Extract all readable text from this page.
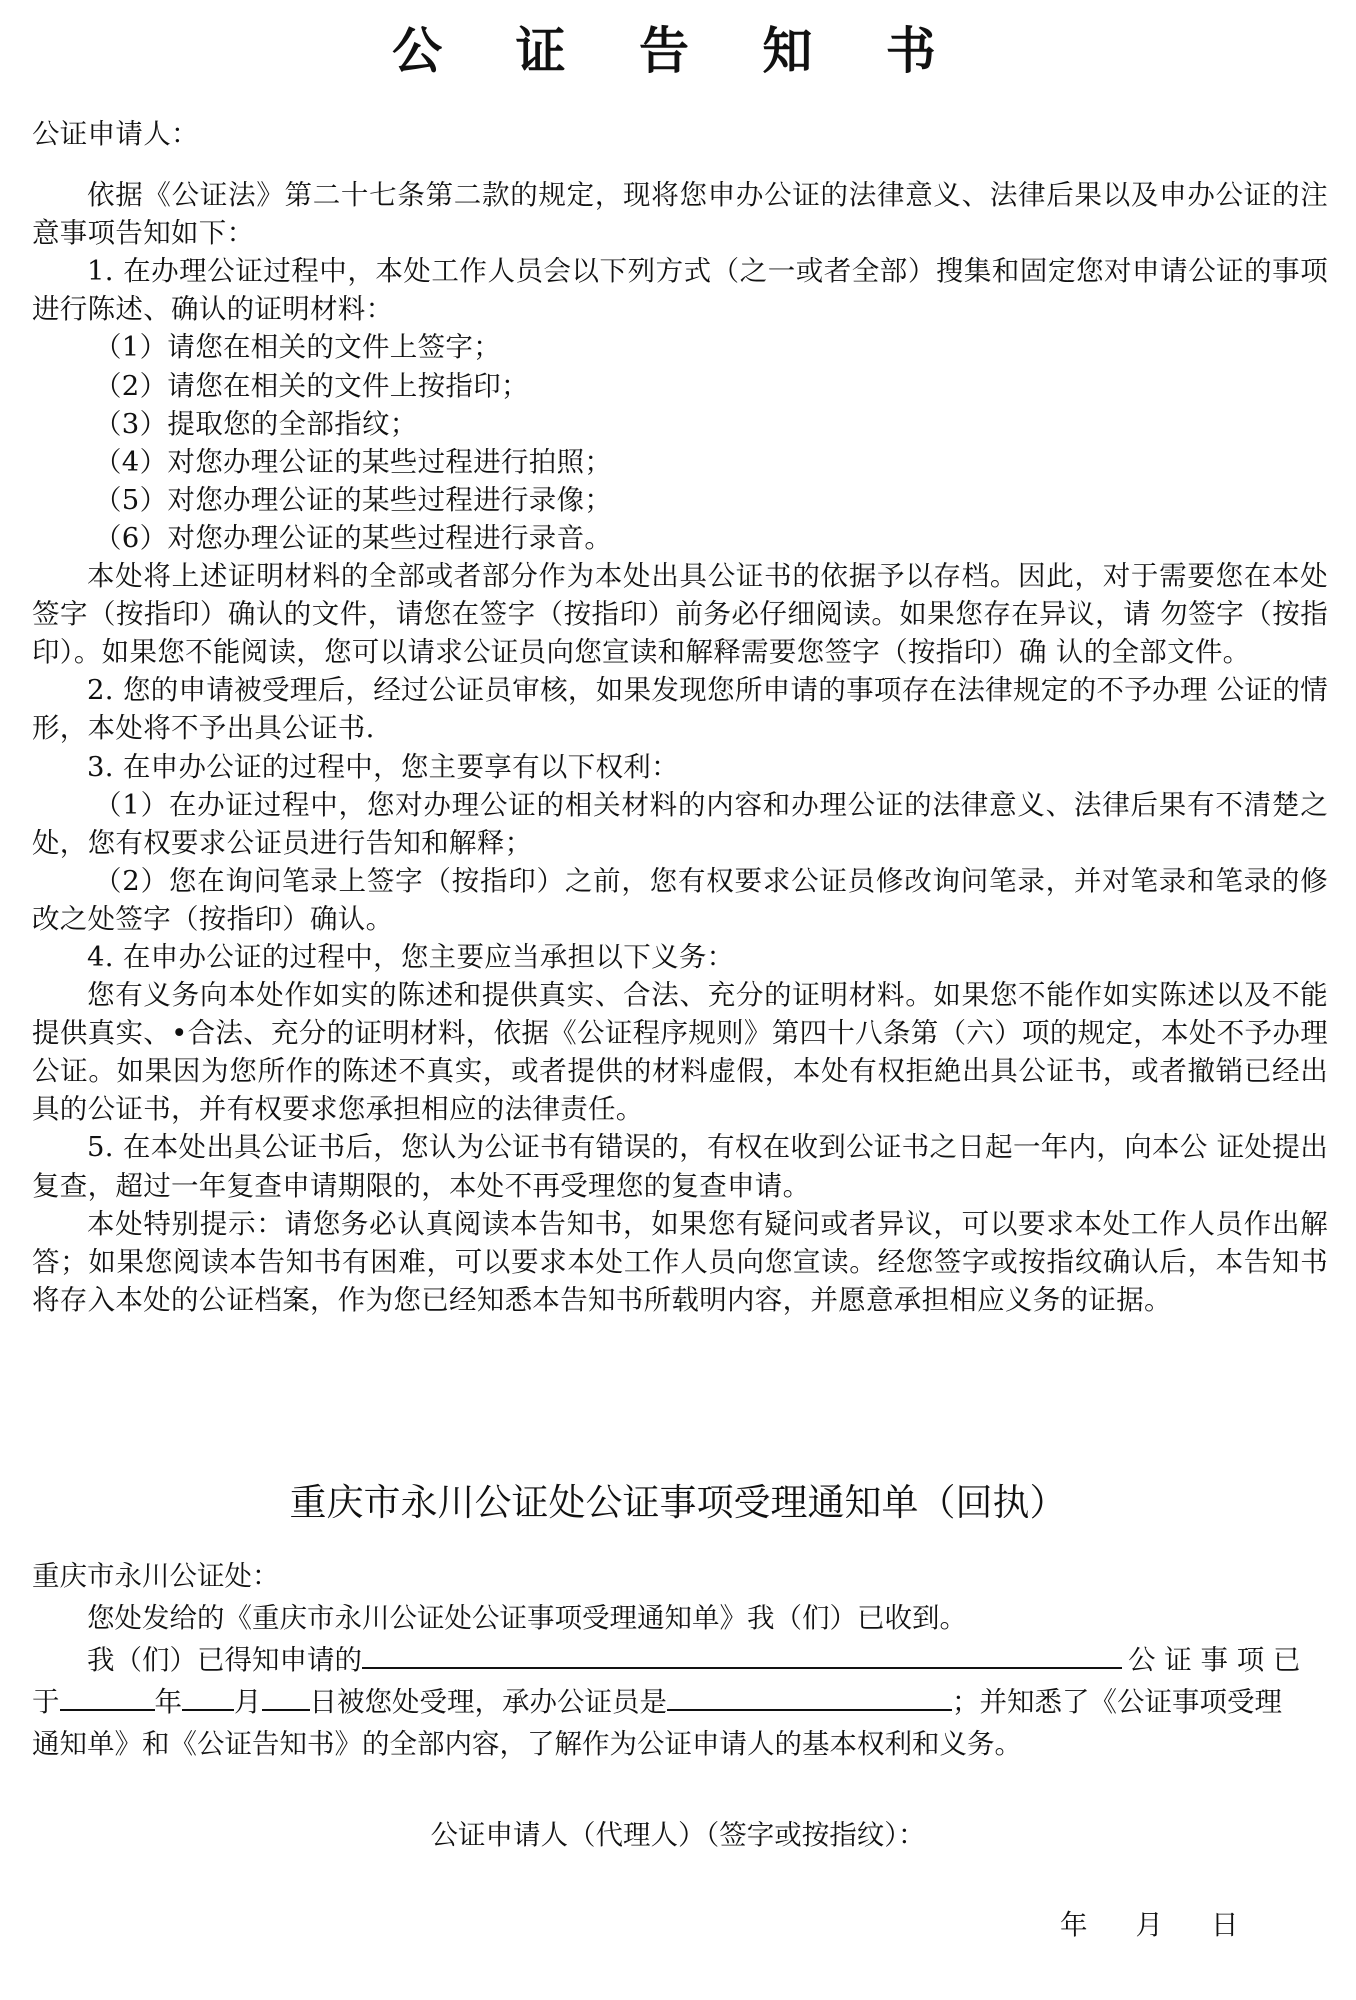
公 证 告 知 书

公证申请人：

依据《公证法》第二十七条第二款的规定，现将您申办公证的法律意义、法律后果以及申办公证的注意事项告知如下：

1. 在办理公证过程中，本处工作人员会以下列方式（之一或者全部）搜集和固定您对申请公证的事项进行陈述、确认的证明材料：

（1）请您在相关的文件上签字；

（2）请您在相关的文件上按指印；

（3）提取您的全部指纹；

（4）对您办理公证的某些过程进行拍照；

（5）对您办理公证的某些过程进行录像；

（6）对您办理公证的某些过程进行录音。

本处将上述证明材料的全部或者部分作为本处出具公证书的依据予以存档。因此，对于需要您在本处签字（按指印）确认的文件，请您在签字（按指印）前务必仔细阅读。如果您存在异议，请 勿签字（按指印）。如果您不能阅读，您可以请求公证员向您宣读和解释需要您签字（按指印）确 认的全部文件。

2. 您的申请被受理后，经过公证员审核，如果发现您所申请的事项存在法律规定的不予办理 公证的情形，本处将不予出具公证书.

3. 在申办公证的过程中，您主要享有以下权利：

（1）在办证过程中，您对办理公证的相关材料的内容和办理公证的法律意义、法律后果有不清楚之处，您有权要求公证员进行告知和解释；

（2）您在询问笔录上签字（按指印）之前，您有权要求公证员修改询问笔录，并对笔录和笔录的修改之处签字（按指印）确认。

4. 在申办公证的过程中，您主要应当承担以下义务：

您有义务向本处作如实的陈述和提供真实、合法、充分的证明材料。如果您不能作如实陈述以及不能提供真实、•合法、充分的证明材料，依据《公证程序规则》第四十八条第（六）项的规定，本处不予办理公证。如果因为您所作的陈述不真实，或者提供的材料虚假，本处有权拒絶出具公证书，或者撤销已经出具的公证书，并有权要求您承担相应的法律责任。

5. 在本处出具公证书后，您认为公证书有错误的，有权在收到公证书之日起一年内，向本公 证处提出复查，超过一年复查申请期限的，本处不再受理您的复查申请。

本处特别提示：请您务必认真阅读本告知书，如果您有疑问或者异议，可以要求本处工作人员作出解答；如果您阅读本告知书有困难，可以要求本处工作人员向您宣读。经您签字或按指纹确认后，本告知书将存入本处的公证档案，作为您已经知悉本告知书所载明内容，并愿意承担相应义务的证据。

重庆市永川公证处公证事项受理通知单（回执）
重庆市永川公证处：
您处发给的《重庆市永川公证处公证事项受理通知单》我（们）已收到。
我（们）已得知申请的	公 证 事 项 已
于	年 月 日被您处受理，承办公证员是	；并知悉了《公证事项受理
通知单》和《公证告知书》的全部内容，了解作为公证申请人的基本权利和义务。
公证申请人（代理人）（签字或按指纹）：
年 月 日
